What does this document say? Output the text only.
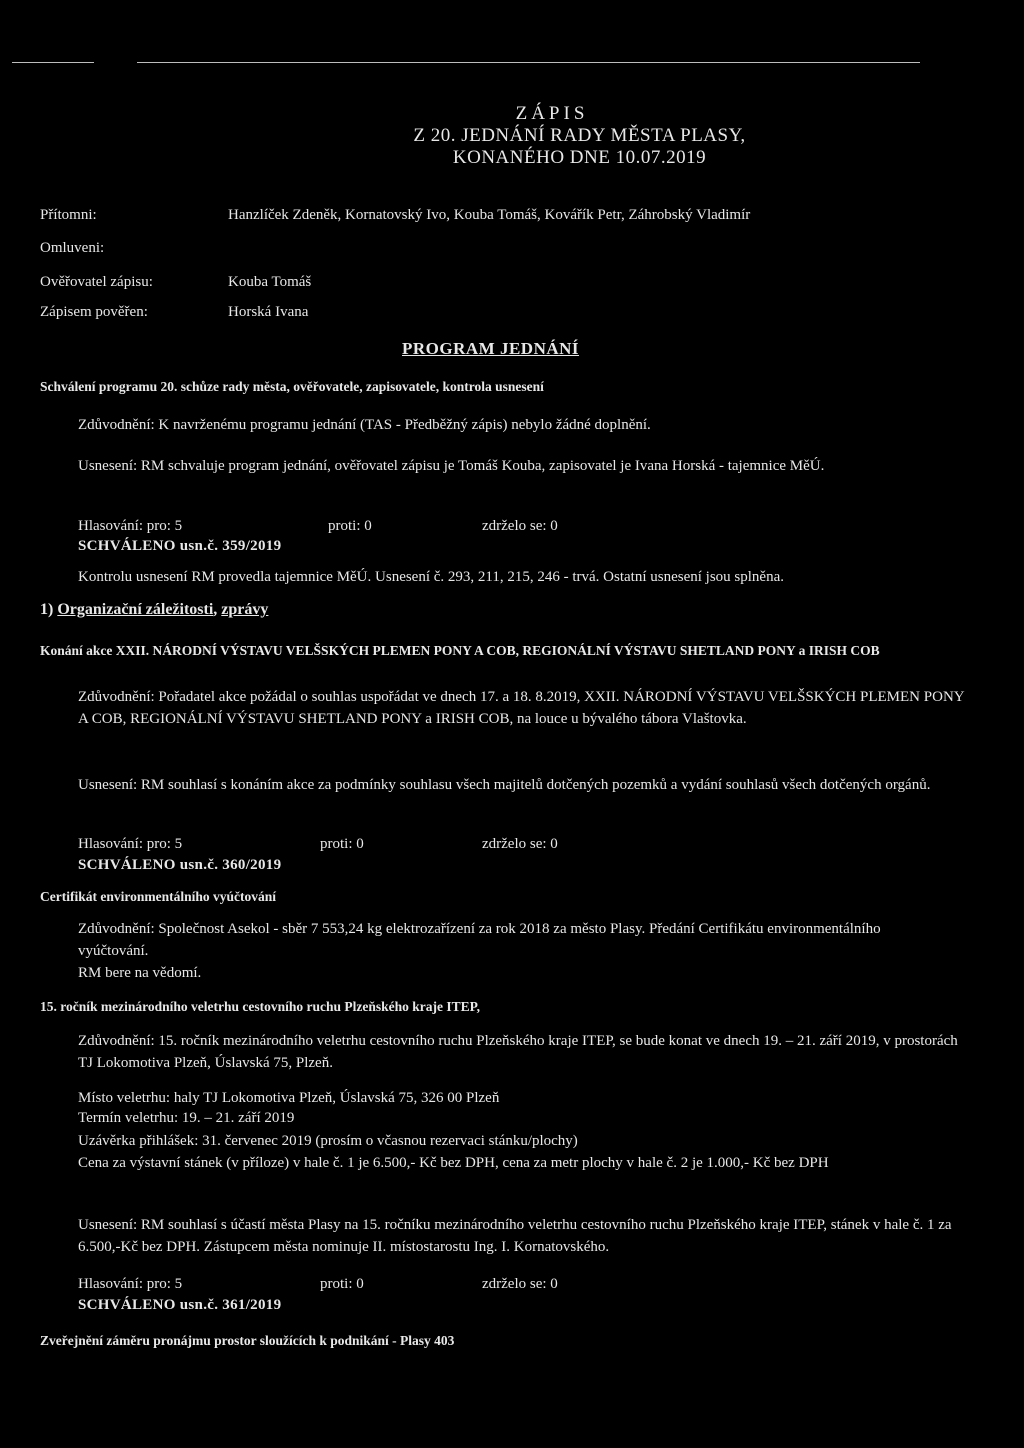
ZÁPIS
Z 20. JEDNÁNÍ RADY MĚSTA PLASY,
KONANÉHO DNE 10.07.2019
Přítomni:	Hanzlíček Zdeněk, Kornatovský Ivo, Kouba Tomáš, Kovářík Petr, Záhrobský Vladimír
Omluveni:
Ověřovatel zápisu:	Kouba Tomáš
Zápisem pověřen:	Horská Ivana
PROGRAM JEDNÁNÍ
Schválení programu 20. schůze rady města, ověřovatele, zapisovatele, kontrola usnesení
Zdůvodnění: K navrženému programu jednání (TAS - Předběžný zápis) nebylo žádné doplnění.
Usnesení: RM schvaluje program jednání, ověřovatel zápisu je Tomáš Kouba, zapisovatel je Ivana Horská - tajemnice MěÚ.
Hlasování: pro: 5	proti: 0	zdrželo se: 0
SCHVÁLENO usn.č. 359/2019
Kontrolu usnesení RM provedla tajemnice MěÚ. Usnesení č. 293, 211, 215, 246 - trvá. Ostatní usnesení jsou splněna.
1) Organizační záležitosti, zprávy
Konání akce XXII. NÁRODNÍ VÝSTAVU VELŠSKÝCH PLEMEN PONY A COB, REGIONÁLNÍ VÝSTAVU SHETLAND PONY a IRISH COB
Zdůvodnění: Pořadatel akce požádal o souhlas uspořádat ve dnech 17. a 18. 8.2019, XXII. NÁRODNÍ VÝSTAVU VELŠSKÝCH PLEMEN PONY A COB, REGIONÁLNÍ VÝSTAVU SHETLAND PONY a IRISH COB, na louce u bývalého tábora Vlaštovka.
Usnesení: RM souhlasí s konáním akce za podmínky souhlasu všech majitelů dotčených pozemků a vydání souhlasů všech dotčených orgánů.
Hlasování: pro: 5	proti: 0	zdrželo se: 0
SCHVÁLENO usn.č. 360/2019
Certifikát environmentálního vyúčtování
Zdůvodnění: Společnost Asekol - sběr 7 553,24 kg elektrozařízení za rok 2018 za město Plasy. Předání Certifikátu environmentálního vyúčtování.
RM bere na vědomí.
15. ročník mezinárodního veletrhu cestovního ruchu Plzeňského kraje ITEP,
Zdůvodnění: 15. ročník mezinárodního veletrhu cestovního ruchu Plzeňského kraje ITEP, se bude konat ve dnech 19. – 21. září 2019, v prostorách TJ Lokomotiva Plzeň, Úslavská 75, Plzeň.
Místo veletrhu: haly TJ Lokomotiva Plzeň, Úslavská 75, 326 00 Plzeň
Termín veletrhu: 19. – 21. září 2019
Uzávěrka přihlášek: 31. červenec 2019 (prosím o včasnou rezervaci stánku/plochy)
Cena za výstavní stánek (v příloze) v hale č. 1 je 6.500,- Kč bez DPH, cena za metr plochy v hale č. 2 je 1.000,- Kč bez DPH
Usnesení: RM souhlasí s účastí města Plasy na 15. ročníku mezinárodního veletrhu cestovního ruchu Plzeňského kraje ITEP, stánek v hale č. 1 za 6.500,-Kč bez DPH. Zástupcem města nominuje II. místostarostu Ing. I. Kornatovského.
Hlasování: pro: 5	proti: 0	zdrželo se: 0
SCHVÁLENO usn.č. 361/2019
Zveřejnění záměru pronájmu prostor sloužících k podnikání - Plasy 403
